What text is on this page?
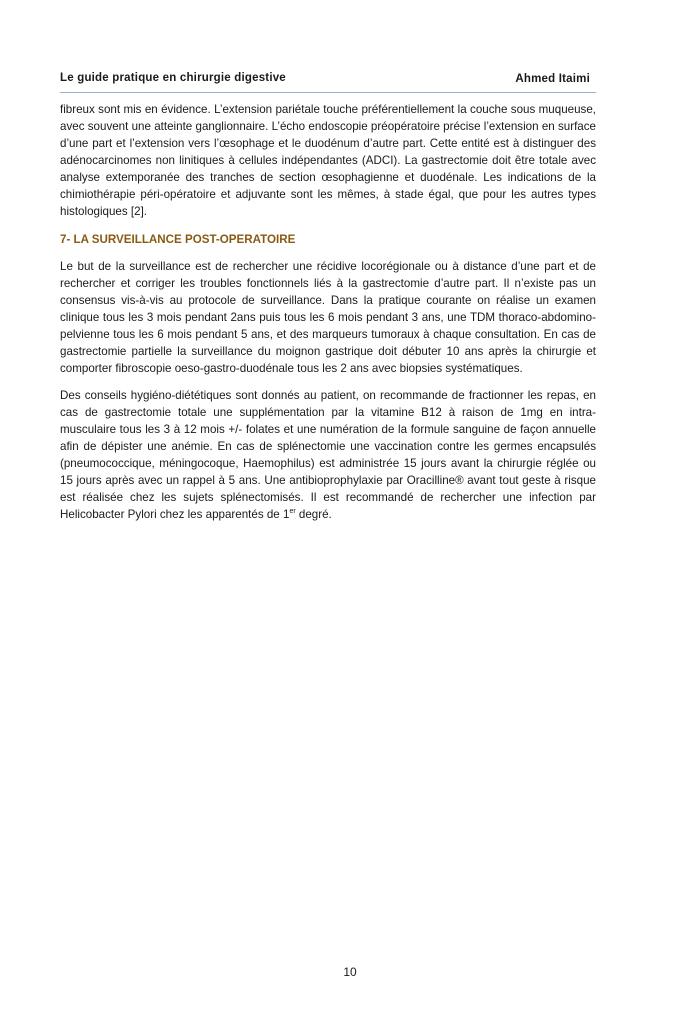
Le guide pratique en chirurgie digestive	Ahmed Itaimi

fibreux sont mis en évidence. L’extension pariétale touche préférentiellement la couche sous muqueuse, avec souvent une atteinte ganglionnaire. L’écho endoscopie préopératoire précise l’extension en surface d’une part et l’extension vers l’œsophage et le duodénum d’autre part. Cette entité est à distinguer des adénocarcinomes non linitiques à cellules indépendantes (ADCI). La gastrectomie doit être totale avec analyse extemporanée des tranches de section œsophagienne et duodénale. Les indications de la chimiothérapie péri-opératoire et adjuvante sont les mêmes, à stade égal, que pour les autres types histologiques [2].

7- LA SURVEILLANCE POST-OPERATOIRE

Le but de la surveillance est de rechercher une récidive locorégionale ou à distance d’une part et de rechercher et corriger les troubles fonctionnels liés à la gastrectomie d’autre part. Il n’existe pas un consensus vis-à-vis au protocole de surveillance. Dans la pratique courante on réalise un examen clinique tous les 3 mois pendant 2ans puis tous les 6 mois pendant 3 ans, une TDM thoraco-abdomino-pelvienne tous les 6 mois pendant 5 ans, et des marqueurs tumoraux à chaque consultation. En cas de gastrectomie partielle la surveillance du moignon gastrique doit débuter 10 ans après la chirurgie et comporter fibroscopie oeso-gastro-duodénale tous les 2 ans avec biopsies systématiques.

Des conseils hygiéno-diététiques sont donnés au patient, on recommande de fractionner les repas, en cas de gastrectomie totale une supplémentation par la vitamine B12 à raison de 1mg en intra-musculaire tous les 3 à 12 mois +/- folates et une numération de la formule sanguine de façon annuelle afin de dépister une anémie. En cas de splénectomie une vaccination contre les germes encapsulés (pneumococcique, méningocoque, Haemophilus) est administrée 15 jours avant la chirurgie réglée ou 15 jours après avec un rappel à 5 ans. Une antibioprophylaxie par Oracilline® avant tout geste à risque est réalisée chez les sujets splénectomisés. Il est recommandé de rechercher une infection par Helicobacter Pylori chez les apparentés de 1er degré.

10
